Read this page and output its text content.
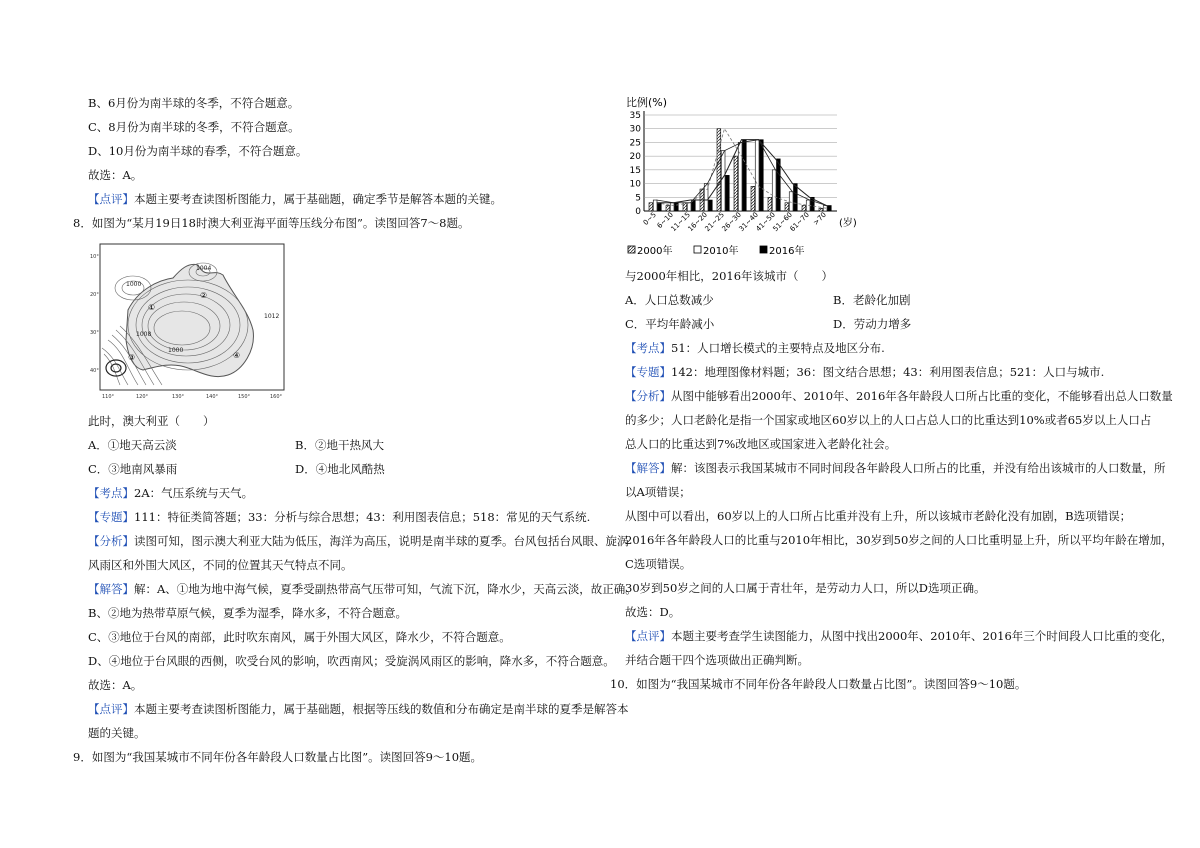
B、6月份为南半球的冬季，不符合题意。
C、8月份为南半球的冬季，不符合题意。
D、10月份为南半球的春季，不符合题意。
故选：A。
【点评】本题主要考查读图析图能力，属于基础题，确定季节是解答本题的关键。
8．如图为“某月19日18时澳大利亚海平面等压线分布图”。读图回答7～8题。
10°
20°
30°
40°
110°	120°	130°	140°	150°	160°
1000
1004
1012
1000
1008
①
②
③	④
此时，澳大利亚（　　）
A．①地天高云淡	B．②地干热风大
C．③地南风暴雨	D．④地北风酷热
【考点】2A：气压系统与天气。
【专题】111：特征类简答题；33：分析与综合思想；43：利用图表信息；518：常见的天气系统.
【分析】读图可知，图示澳大利亚大陆为低压，海洋为高压，说明是南半球的夏季。台风包括台风眼、旋涡
风雨区和外围大风区，不同的位置其天气特点不同。
【解答】解：A、①地为地中海气候，夏季受副热带高气压带可知，气流下沉，降水少，天高云淡，故正确。
B、②地为热带草原气候，夏季为湿季，降水多，不符合题意。
C、③地位于台风的南部，此时吹东南风，属于外围大风区，降水少，不符合题意。
D、④地位于台风眼的西侧，吹受台风的影响，吹西南风；受旋涡风雨区的影响，降水多，不符合题意。
故选：A。
【点评】本题主要考查读图析图能力，属于基础题，根据等压线的数值和分布确定是南半球的夏季是解答本
题的关键。
9．如图为“我国某城市不同年份各年龄段人口数量占比图”。读图回答9～10题。
比例(%)
0
5
10
15
20
25
30
35
0~5
6~10
11~15
16~20
21~25
26~30
31~40
41~50
51~60
61~70 >70 (岁)
2000年	2010年	2016年
与2000年相比，2016年该城市（　　）
A．人口总数减少	B．老龄化加剧
C．平均年龄减小	D．劳动力增多
【考点】51：人口增长模式的主要特点及地区分布.
【专题】142：地理图像材料题；36：图文结合思想；43：利用图表信息；521：人口与城市.
【分析】从图中能够看出2000年、2010年、2016年各年龄段人口所占比重的变化，不能够看出总人口数量
的多少；人口老龄化是指一个国家或地区60岁以上的人口占总人口的比重达到10%或者65岁以上人口占
总人口的比重达到7%改地区或国家进入老龄化社会。
【解答】解：该图表示我国某城市不同时间段各年龄段人口所占的比重，并没有给出该城市的人口数量，所
以A项错误；
从图中可以看出，60岁以上的人口所占比重并没有上升，所以该城市老龄化没有加剧，B选项错误；
2016年各年龄段人口的比重与2010年相比，30岁到50岁之间的人口比重明显上升，所以平均年龄在增加，
C选项错误。
30岁到50岁之间的人口属于青壮年，是劳动力人口，所以D选项正确。
故选：D。
【点评】本题主要考查学生读图能力，从图中找出2000年、2010年、2016年三个时间段人口比重的变化，
并结合题干四个选项做出正确判断。
10．如图为“我国某城市不同年份各年龄段人口数量占比图”。读图回答9～10题。
